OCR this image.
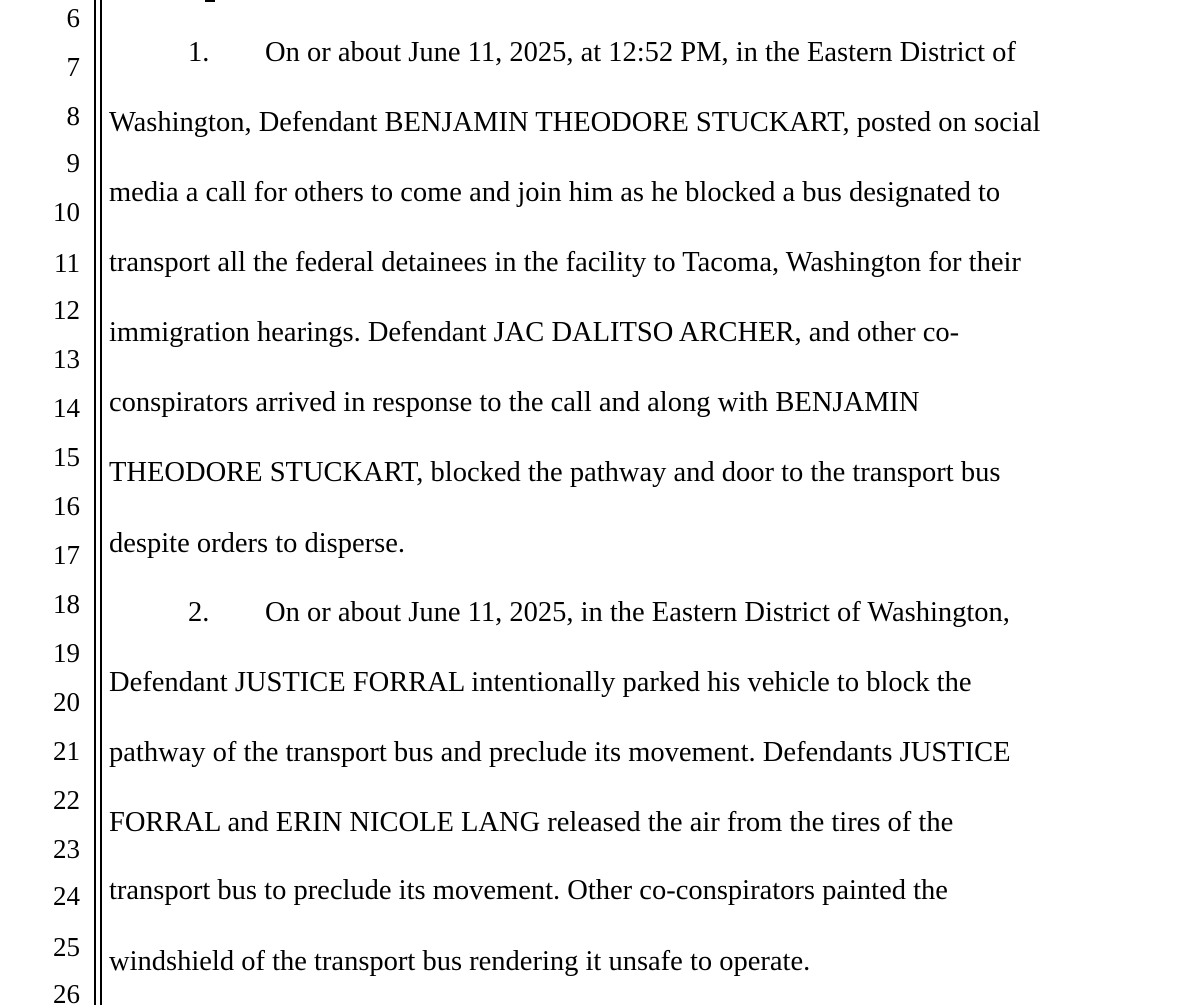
6
7
8
9
10
11
12
13
14
15
16
17
18
19
20
21
22
23
24
25
26
1. On or about June 11, 2025, at 12:52 PM, in the Eastern District of
Washington, Defendant BENJAMIN THEODORE STUCKART, posted on social
media a call for others to come and join him as he blocked a bus designated to
transport all the federal detainees in the facility to Tacoma, Washington for their
immigration hearings. Defendant JAC DALITSO ARCHER, and other co-
conspirators arrived in response to the call and along with BENJAMIN
THEODORE STUCKART, blocked the pathway and door to the transport bus
despite orders to disperse.
2. On or about June 11, 2025, in the Eastern District of Washington,
Defendant JUSTICE FORRAL intentionally parked his vehicle to block the
pathway of the transport bus and preclude its movement. Defendants JUSTICE
FORRAL and ERIN NICOLE LANG released the air from the tires of the
transport bus to preclude its movement. Other co-conspirators painted the
windshield of the transport bus rendering it unsafe to operate.
